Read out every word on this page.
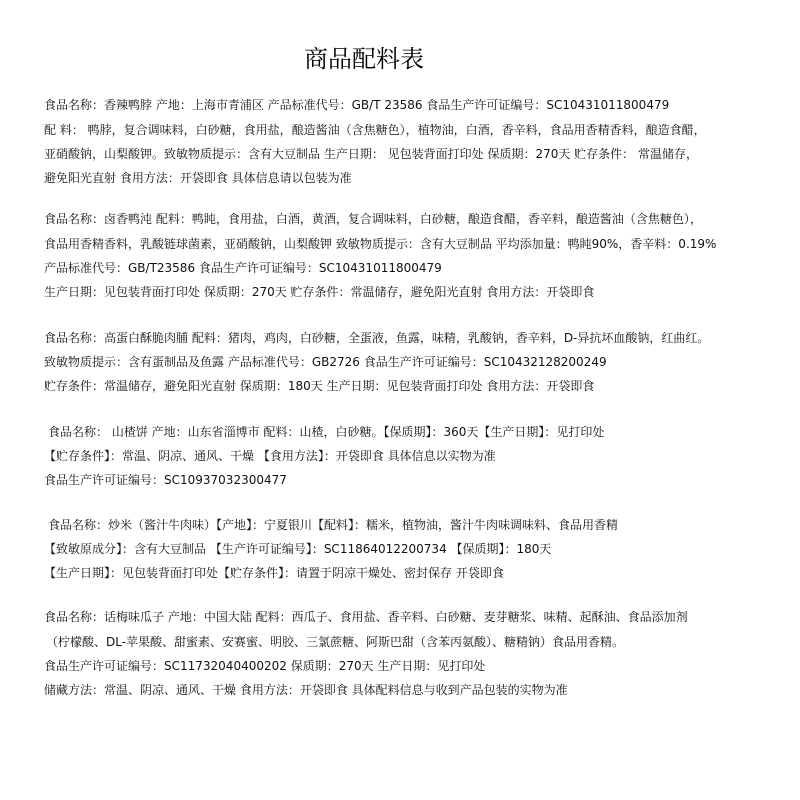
商品配料表
食品名称：香辣鸭脖 产地：上海市青浦区 产品标准代号：GB/T 23586 食品生产许可证编号：SC10431011800479
配 料： 鸭脖，复合调味料，白砂糖，食用盐，酿造酱油（含焦糖色），植物油，白酒，香辛料，食品用香精香料，酿造食醋，
亚硝酸钠，山梨酸钾。致敏物质提示：含有大豆制品 生产日期： 见包装背面打印处 保质期：270天 贮存条件： 常温储存，
避免阳光直射 食用方法：开袋即食 具体信息请以包装为准
食品名称：卤香鸭沌 配料：鸭盹，食用盐，白酒，黄酒，复合调味料，白砂糖，酿造食醋，香辛料，酿造酱油（含焦糖色），
食品用香精香料，乳酸链球菌素，亚硝酸钠，山梨酸钾 致敏物质提示：含有大豆制品 平均添加量：鸭盹90%，香辛料：0.19%
产品标准代号：GB/T23586 食品生产许可证编号：SC10431011800479
生产日期：见包装背面打印处 保质期：270天 贮存条件：常温储存，避免阳光直射 食用方法：开袋即食
食品名称：高蛋白酥脆肉脯 配料：猪肉，鸡肉，白砂糖，全蛋液，鱼露，味精，乳酸钠，香辛料，D-异抗坏血酸钠，红曲红。
致敏物质提示：含有蛋制品及鱼露 产品标准代号：GB2726 食品生产许可证编号：SC10432128200249
贮存条件：常温储存，避免阳光直射 保质期：180天 生产日期：见包装背面打印处 食用方法：开袋即食
食品名称： 山楂饼 产地：山东省淄博市 配料：山楂，白砂糖。【保质期】：360天【生产日期】：见打印处
【贮存条件】：常温、阴凉、通风、干燥 【食用方法】：开袋即食 具体信息以实物为准
食品生产许可证编号：SC10937032300477
食品名称：炒米（酱汁牛肉味）【产地】：宁夏银川【配料】：糯米，植物油，酱汁牛肉味调味料、食品用香精
【致敏原成分】：含有大豆制品 【生产许可证编号】：SC11864012200734 【保质期】：180天
【生产日期】：见包装背面打印处【贮存条件】：请置于阴凉干燥处、密封保存 开袋即食
食品名称：话梅味瓜子 产地：中国大陆 配料：西瓜子、食用盐、香辛料、白砂糖、麦芽糖浆、味精、起酥油、食品添加剂
（柠檬酸、DL-苹果酸、甜蜜素、安赛蜜、明胶、三氯蔗糖、阿斯巴甜（含苯丙氨酸）、糖精钠）食品用香精。
食品生产许可证编号：SC11732040400202 保质期：270天 生产日期：见打印处
储藏方法：常温、阴凉、通风、干燥 食用方法：开袋即食 具体配料信息与收到产品包装的实物为准
